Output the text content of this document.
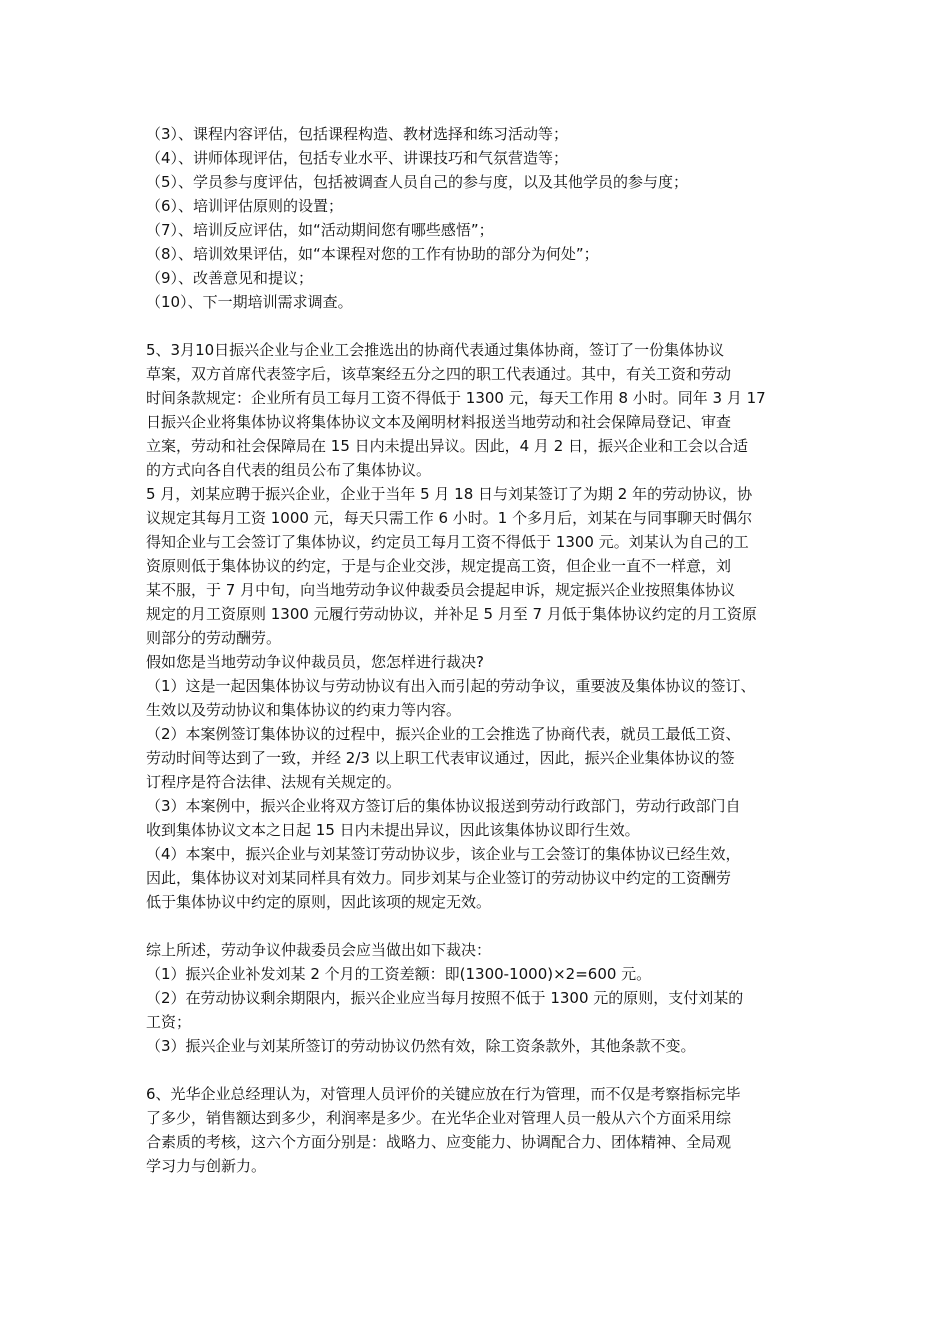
（3）、课程内容评估，包括课程构造、教材选择和练习活动等；

（4）、讲师体现评估，包括专业水平、讲课技巧和气氛营造等；

（5）、学员参与度评估，包括被调查人员自己的参与度，以及其他学员的参与度；

（6）、培训评估原则的设置；

（7）、培训反应评估，如“活动期间您有哪些感悟”；

（8）、培训效果评估，如“本课程对您的工作有协助的部分为何处”；

（9）、改善意见和提议；

（10）、下一期培训需求调查。

5、3月10日振兴企业与企业工会推选出的协商代表通过集体协商，签订了一份集体协议

草案，双方首席代表签字后，该草案经五分之四的职工代表通过。其中，有关工资和劳动

时间条款规定：企业所有员工每月工资不得低于 1300 元，每天工作用 8 小时。同年 3 月 17

日振兴企业将集体协议将集体协议文本及阐明材料报送当地劳动和社会保障局登记、审查

立案，劳动和社会保障局在 15 日内未提出异议。因此，4 月 2 日，振兴企业和工会以合适

的方式向各自代表的组员公布了集体协议。

5 月，刘某应聘于振兴企业，企业于当年 5 月 18 日与刘某签订了为期 2 年的劳动协议，协

议规定其每月工资 1000 元，每天只需工作 6 小时。1 个多月后，刘某在与同事聊天时偶尔

得知企业与工会签订了集体协议，约定员工每月工资不得低于 1300 元。刘某认为自己的工

资原则低于集体协议的约定，于是与企业交涉，规定提高工资，但企业一直不一样意，刘

某不服，于 7 月中旬，向当地劳动争议仲裁委员会提起申诉，规定振兴企业按照集体协议

规定的月工资原则 1300 元履行劳动协议，并补足 5 月至 7 月低于集体协议约定的月工资原

则部分的劳动酬劳。

假如您是当地劳动争议仲裁员员，您怎样进行裁决?

（1）这是一起因集体协议与劳动协议有出入而引起的劳动争议，重要波及集体协议的签订、

生效以及劳动协议和集体协议的约束力等内容。

（2）本案例签订集体协议的过程中，振兴企业的工会推选了协商代表，就员工最低工资、

劳动时间等达到了一致，并经 2/3 以上职工代表审议通过，因此，振兴企业集体协议的签

订程序是符合法律、法规有关规定的。

（3）本案例中，振兴企业将双方签订后的集体协议报送到劳动行政部门，劳动行政部门自

收到集体协议文本之日起 15 日内未提出异议，因此该集体协议即行生效。

（4）本案中，振兴企业与刘某签订劳动协议步，该企业与工会签订的集体协议已经生效，

因此，集体协议对刘某同样具有效力。同步刘某与企业签订的劳动协议中约定的工资酬劳

低于集体协议中约定的原则，因此该项的规定无效。

综上所述，劳动争议仲裁委员会应当做出如下裁决：

（1）振兴企业补发刘某 2 个月的工资差额：即(1300-1000)×2=600 元。

（2）在劳动协议剩余期限内，振兴企业应当每月按照不低于 1300 元的原则，支付刘某的

工资；

（3）振兴企业与刘某所签订的劳动协议仍然有效，除工资条款外，其他条款不变。

6、光华企业总经理认为，对管理人员评价的关键应放在行为管理，而不仅是考察指标完毕

了多少，销售额达到多少，利润率是多少。在光华企业对管理人员一般从六个方面采用综

合素质的考核，这六个方面分别是：战略力、应变能力、协调配合力、团体精神、全局观

学习力与创新力。
